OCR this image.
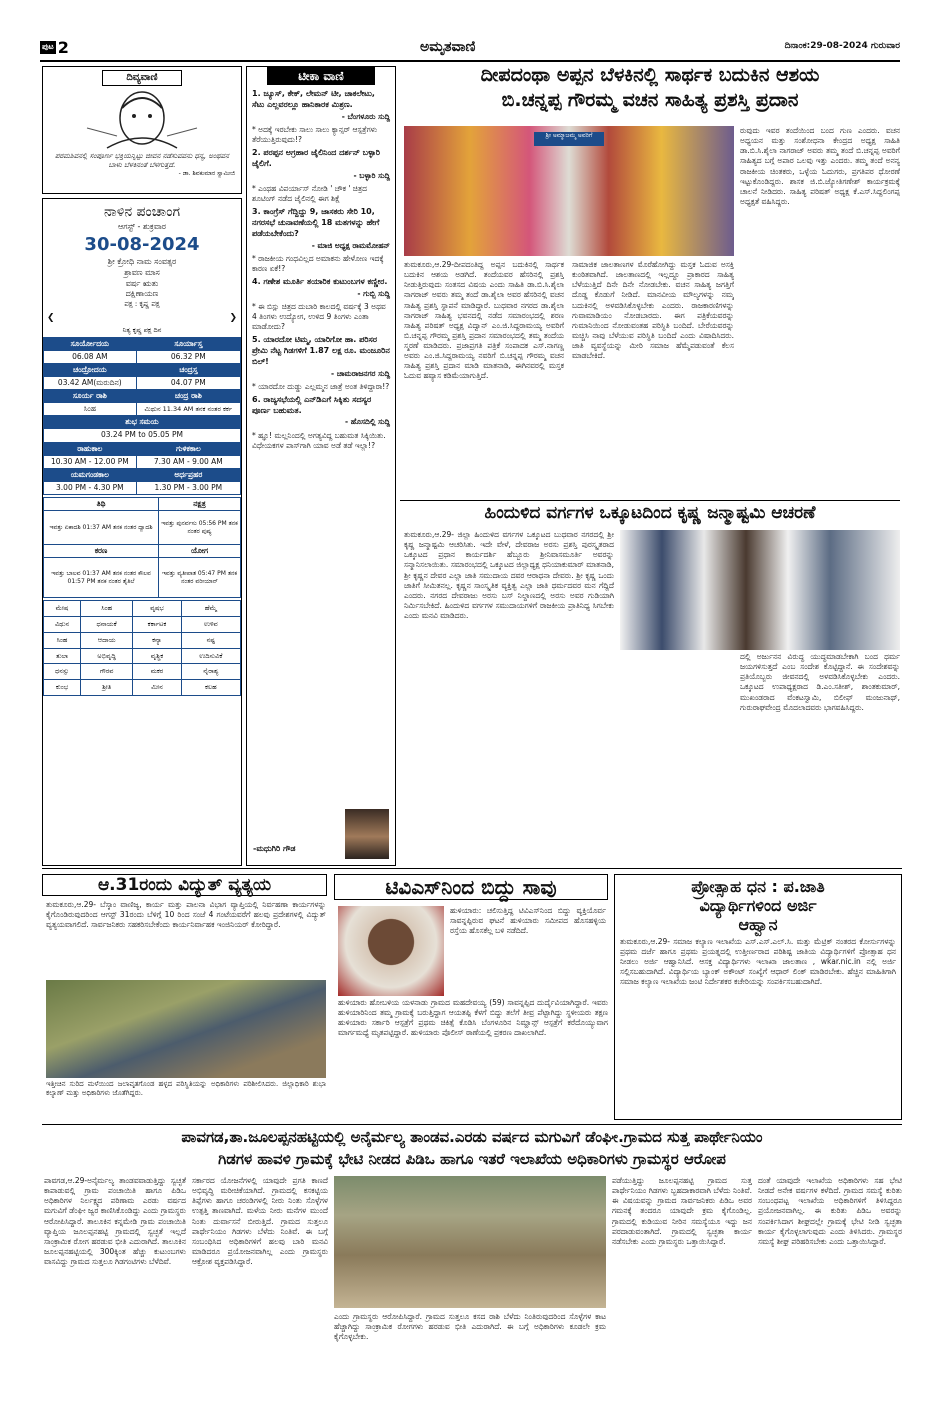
ಪುಟ 2	ಅಮೃತವಾಣಿ	ದಿನಾಂಕ:29-08-2024 ಗುರುವಾರ
ದಿವ್ಯವಾಣಿ
ಪರಮಶಿವನಲ್ಲಿ ಸಂಪೂರ್ಣ ಭಕ್ತಿಯನ್ನಿಟ್ಟು ಜೀವನ ನಡೆಸುವವನು ಧನ್ಯ, ಅಂಥವನ ಬಾಳು ಬೆಳಕಿನಂತೆ ಬೆಳಗುತ್ತದೆ.
- ಡಾ. ಶಿವಕುಮಾರ ಸ್ವಾಮೀಜಿ
ನಾಳಿನ ಪಂಚಾಂಗ
ಆಗಸ್ಟ್ - ಶುಕ್ರವಾರ
30-08-2024
ಶ್ರೀ ಕ್ರೋಧಿ ನಾಮ ಸಂವತ್ಸರ
ಶ್ರಾವಣ ಮಾಸ
ವರ್ಷ ಋತು
ದಕ್ಷಿಣಾಯಣ
ಪಕ್ಷ : ಕೃಷ್ಣ ಪಕ್ಷ
❮	❯
ನಿತ್ಯ ಕೃಷ್ಣ ಪಕ್ಷ ದಿನ
ಸೂರ್ಯೋದಯ	ಸೂರ್ಯಾಸ್ತ
06.08 AM	06.32 PM
ಚಂದ್ರೋದಯ	ಚಂದ್ರಸ್ತ
03.42 AM(ಮರುದಿನ)	04.07 PM
ಸೂರ್ಯ ರಾಶಿ	ಚಂದ್ರ ರಾಶಿ
ಸಿಂಹ	ಮಿಥುನ 11.34 AM ತನಕ ನಂತರ ಕರ್ಕ
ಶುಭ ಸಮಯ	
03.24 PM to 05.05 PM	
ರಾಹುಕಾಲ	ಗುಳಿಕಕಾಲ
10.30 AM - 12.00 PM	7.30 AM - 9.00 AM
ಯಮಗಂಡಕಾಲ	ಅರ್ಧಪ್ರಹರ
3.00 PM - 4.30 PM	1.30 PM - 3.00 PM
ತಿಥಿ	ನಕ್ಷತ್ರ
ಇವತ್ತು ಏಕಾದಶಿ 01:37 AM ತನಕ ನಂತರ ದ್ವಾದಶಿ	ಇವತ್ತು ಪುನರ್ವಸು 05:56 PM ತನಕ ನಂತರ ಪುಷ್ಯ
ಕರಣ	ಯೋಗ
ಇವತ್ತು ಬಾಲವ 01:37 AM ತನಕ ನಂತರ ಕೌಲವ 01:57 PM ತನಕ ನಂತರ ತೈತಿಲೆ	ಇವತ್ತು ವ್ಯತೀಪಾತ 05:47 PM ತನಕ ನಂತರ ವರೀಯಾನ್
ಮೇಷ	ಸಿಂಹ	ವೃಷಭ	ಹೆಮ್ಮೆ
ವಿಥುನ	ಧನಾಯಕೆ	ಕರ್ಕಾಟಕ	ಉಳಿವ
ಸಿಂಹ	ಆದಾಯ	ಕನ್ಯಾ	ನಷ್ಟ
ತುಲಾ	ಅಭಿವೃದ್ಧಿ	ವೃಶ್ಚಿಕ	ಉದಿಸುವಿಕೆ
ಧನಸ್ಸು	ಗೌರವ	ಮಕರ	ನೈರಾಶ್ಯ
ಕುಂಭ	ಶ್ರೀತಿ	ಮೀನ	ಕಲಹ
ಟೀಕಾ ವಾಣಿ
1. ಜ್ಯೂಸ್, ಕೇಕ್, ಲೇಮನ್ ಟೀ, ಚಾಕಲೇಟು, ಸೆಟು ಎಲ್ಲವರಲ್ಲೂ ಹಾನಿಕಾರಕ ಮಿಶ್ರಣ.
- ಬೆಂಗಳೂರು ಸುದ್ದಿ
* ಅದಕ್ಕೆ ಇರಬೇಕು ಸಾಲು ಸಾಲು ಕ್ಯಾನ್ಸರ್ ಆಸ್ಪತ್ರೆಗಳು ತೆರೆಯುತ್ತಿರುವುದು!?
2. ಪರಪ್ಪನ ಅಗ್ರಹಾರ ಜೈಲಿನಿಂದ ದರ್ಶನ್ ಬಳ್ಳಾರಿ ಜೈಲಿಗೆ.
- ಬಳ್ಳಾರಿ ಸುದ್ದಿ
* ಎಂಥಹ ವಿಪರ್ಯಾಸ್ ನೋಡಿ ' ಚೌಕ ' ಚಿತ್ರದ ಶೂಟಿಂಗ್ ನಡೆದ ಜೈಲಿನಲ್ಲಿ ಈಗ ಶಿಕ್ಷೆ
3. ಕಾಂಗ್ರೆಸ್ ಗೆದ್ದಿದ್ದು 9, ಜಾಸಕರು ಸೇರಿ 10, ನಗರಸಭೆ ಚುನಾವಣೆಯಲ್ಲಿ 18 ಮತಗಳನ್ನು ಹೇಗೆ ಪಡೆಯಬೇಕೆಂದು?
- ಮಾಜಿ ಅಧ್ಯಕ್ಷ ರಾಮಮೋಹನ್
* ರಾಜಕೀಯ ಗಂಧವಿಲ್ಲದ ಅಮಾಕನು ಹೇಳೋಣ ಇದಕ್ಕೆ ಕಾರಣ ಏಕೆ!?
4. ಗಣೇಶ ಮೂರ್ತಿ ತಯಾರಿಕ ಕುಟುಂಬಗಳ ಕಣ್ಣೀರ.
- ಗುಬ್ಬಿ ಸುದ್ದಿ
* ಈ ಬಿಸ್ಲು ಚಿತ್ರದ ದುಬಾರಿ ಕಾಲದಲ್ಲಿ ವರ್ಷಕ್ಕೆ 3 ಅಥವ 4 ತಿಂಗಳು ಉದ್ಯೋಗ, ಉಳಿದ 9 ತಿಂಗಳು ಎಂತಾ ಮಾಡೋದು?
5. ಯಾರದೋ ಟಿಮ್ಮ, ಯಾರಿಗೋ ಹಾ. ಪರಿಸರ ಪ್ರೇಮಿ ನೆಟ್ಟ ಗಿಡಗಳಿಗೆ 1.87 ಲಕ್ಷ ರೂ. ಮಂಜೂರಿನ ಬಿಲ್!
- ಚಾಮರಾಜನಗರ ಸುದ್ದಿ
* ಯಾರದೋ ದುಡ್ಡು ಎಲ್ಲಮ್ಮನ ಜಾತ್ರೆ ಅಂತ ತಿಳಿದ್ದಾರಾ!?
6. ರಾಜ್ಯಸಭೆಯಲ್ಲಿ ಎನ್‌ಡಿಎಗೆ ಸಿಕ್ಕಿತು ಸದಸ್ಯರ ಪೂರ್ಣ ಬಹುಮತ.
- ಹೊಸದಿಲ್ಲಿ ಸುದ್ದಿ
* ಹ್ಞೂ! ಮಲ್ಲನಿಂದಲ್ಲಿ ಅಗತ್ಯವಿದ್ದ ಬಹುಮತ ಸಿಕ್ಕಿಯಿತು. ವಿಧೇಯಕಗಳ ಪಾಸ್‌ಗಾಗಿ ಯಾವ ಅಡೆ ತಡೆ ಇಲ್ಲಾ!?
-ಮಧುಗಿರಿ ಗೌಡ
ದೀಪದಂಥಾ ಅಪ್ಪನ ಬೆಳಕಿನಲ್ಲಿ ಸಾರ್ಥಕ ಬದುಕಿನ ಆಶಯ
ಬಿ.ಚನ್ನಪ್ಪ ಗೌರಮ್ಮ ವಚನ ಸಾಹಿತ್ಯ ಪ್ರಶಸ್ತಿ ಪ್ರದಾನ
ಶ್ರೀ ಅಮ್ಮಾಜಮ್ಮ ಅವರಿಗೆ
ತುಮಕೂರು,ಆ.29-ದೀಪದಂತಿದ್ದ ಅಪ್ಪನ ಬದುಕಿನಲ್ಲಿ ಸಾರ್ಥಕ ಬದುಕಿನ ಆಶಯ ಅಡಗಿದೆ. ತಂದೆಯವರ ಹೆಸರಿನಲ್ಲಿ ಪ್ರಶಸ್ತಿ ನೀಡುತ್ತಿರುವುದು ಸಂತಸದ ವಿಷಯ ಎಂದು ಸಾಹಿತಿ ಡಾ.ಬಿ.ಸಿ.ಶೈಲಾ ನಾಗರಾಜ್ ಅವರು ತಮ್ಮ ತಂದೆ ಡಾ.ಶೈಲಾ ಅವರ ಹೆಸರಿನಲ್ಲಿ ವಚನ ಸಾಹಿತ್ಯ ಪ್ರಶಸ್ತಿ ಸ್ಥಾಪನೆ ಮಾಡಿದ್ದಾರೆ. ಬುಧವಾರ ನಗರದ ಡಾ.ಶೈಲಾ ನಾಗರಾಜ್ ಸಾಹಿತ್ಯ ಭವನದಲ್ಲಿ ನಡೆದ ಸಮಾರಂಭದಲ್ಲಿ ಶರಣ ಸಾಹಿತ್ಯ ಪರಿಷತ್ ಅಧ್ಯಕ್ಷ ವಿದ್ವಾನ್ ಎಂ.ಜಿ.ಸಿದ್ದರಾಮಯ್ಯ ಅವರಿಗೆ ಬಿ.ಚನ್ನಪ್ಪ ಗೌರಮ್ಮ ಪ್ರಶಸ್ತಿ ಪ್ರದಾನ ಸಮಾರಂಭದಲ್ಲಿ ತಮ್ಮ ತಂದೆಯ ಸ್ಮರಣೆ ಮಾಡಿದರು. ಪ್ರಜಾಪ್ರಗತಿ ಪತ್ರಿಕೆ ಸಂಪಾದಕ ಎಸ್.ನಾಗಣ್ಣ ಅವರು ಎಂ.ಜಿ.ಸಿದ್ದರಾಮಯ್ಯ ನವರಿಗೆ ಬಿ.ಚನ್ನಪ್ಪ ಗೌರಮ್ಮ ವಚನ ಸಾಹಿತ್ಯ ಪ್ರಶಸ್ತಿ ಪ್ರದಾನ ಮಾಡಿ ಮಾತನಾಡಿ, ಈಗಿನವರಲ್ಲಿ ಮಸ್ತಕ ಓದುವ ಹವ್ಯಾಸ ಕಡಿಮೆಯಾಗುತ್ತಿದೆ.
ಸಾಮಾಜಿಕ ಜಾಲತಾಣಗಳ ಮೊರೆಹೋಗಿದ್ದು ಮಸ್ತಕ ಓದುವ ಅಸಕ್ತಿ ಕುಂಠಿತವಾಗಿದೆ. ಜಾಲತಾಣದಲ್ಲಿ ಇಲ್ಲದ್ದೂ ಪ್ರಾಕಾರದ ಸಾಹಿತ್ಯ ಬೆಳೆಯುತ್ತಿದೆ ದಿನೇ ದಿನೇ ನೋಡಬೇಕು. ವಚನ ಸಾಹಿತ್ಯ ಜಗತ್ತಿಗೆ ದೊಡ್ಡ ಕೊಡುಗೆ ನೀಡಿದೆ. ಮಾನವೀಯ ಮೌಲ್ಯಗಳನ್ನು ನಮ್ಮ ಬದುಕಿನಲ್ಲಿ ಅಳವಡಿಸಿಕೊಳ್ಳಬೇಕು ಎಂದರು. ರಾಜಕಾರಣಿಗಳನ್ನು ಗುವಾಮಾಡಿಯಂ ನೋಡಬಾರದು. ಈಗ ಪತ್ರಿಕೆಯವರನ್ನು ಗುಮಾನಿಯಿಂದ ನೋಡುವಂತಹ ಪರಿಸ್ಥಿತಿ ಬಂದಿದೆ. ಬೇರೆಯವರನ್ನು ಮಚ್ಚಿಸಿ ನಾವು ಬೆಳೆಯುವ ಪರಿಸ್ಥಿತಿ ಬಂದಿದೆ ಎಂದು ವಿಷಾದಿಸಿದರು. ಜಾತಿ ವ್ಯವಸ್ಥೆಯನ್ನು ಮೀರಿ ಸಮಾಜ ಹೆಮ್ಮೆಪಡುವಂತೆ ಕೆಲಸ ಮಾಡಬೇಕಿದೆ.
ರುವುದು ಇವರ ತಂದೆಯಿಂದ ಬಂದ ಗುಣ ಎಂದರು. ವಚನ ಅಧ್ಯಯನ ಮತ್ತು ಸಂಶೋಧನಾ ಕೇಂದ್ರದ ಅಧ್ಯಕ್ಷ ಸಾಹಿತಿ ಡಾ.ಬಿ.ಸಿ.ಶೈಲಾ ನಾಗರಾಜ್ ಅವರು ತಮ್ಮ ತಂದೆ ಬಿ.ಚನ್ನಪ್ಪ ಅವರಿಗೆ ಸಾಹಿತ್ಯದ ಬಗ್ಗೆ ಅಪಾರ ಒಲವು ಇತ್ತು ಎಂದರು. ತಮ್ಮ ತಂದೆ ಅನನ್ಯ ರಾಜಕೀಯ ಚಿಂತಕರು, ಒಳ್ಳೆಯ ಓದುಗರು, ಪ್ರಗತಿಪರ ಧೋರಣೆ ಇಟ್ಟುಕೊಂಡಿದ್ದರು. ಶಾಸಕ ಜಿ.ಬಿ.ಜ್ಯೋತಿಗಣೇಶ್ ಕಾರ್ಯಕ್ರಮಕ್ಕೆ ಚಾಲನೆ ನೀಡಿದರು. ಸಾಹಿತ್ಯ ಪರಿಷತ್ ಅಧ್ಯಕ್ಷ ಕೆ.ಎಸ್.ಸಿದ್ದಲಿಂಗಪ್ಪ ಅಧ್ಯಕ್ಷತೆ ವಹಿಸಿದ್ದರು.
ಹಿಂದುಳಿದ ವರ್ಗಗಳ ಒಕ್ಕೂಟದಿಂದ ಕೃಷ್ಣ ಜನ್ಮಾಷ್ಟಮಿ ಆಚರಣೆ
ತುಮಕೂರು,ಆ.29- ಜಿಲ್ಲಾ ಹಿಂದುಳಿದ ವರ್ಗಗಳ ಒಕ್ಕೂಟದ ಬುಧವಾರ ನಗರದಲ್ಲಿ ಶ್ರೀ ಕೃಷ್ಣ ಜನ್ಮಾಷ್ಟಮಿ ಆಚರಿಸಿತು. ಇದೇ ವೇಳೆ, ದೇವರಾಜ ಅರಸು ಪ್ರಶಸ್ತಿ ಪುರಸ್ಕೃತರಾದ ಒಕ್ಕೂಟದ ಪ್ರಧಾನ ಕಾರ್ಯದರ್ಶಿ ಹೆಬ್ಬೂರು ಶ್ರೀನಿವಾಸಮೂರ್ತಿ ಅವರನ್ನು ಸನ್ಮಾನಿಸಲಾಯಿತು. ಸಮಾರಂಭದಲ್ಲಿ ಒಕ್ಕೂಟದ ಜಿಲ್ಲಾಧ್ಯಕ್ಷ ಧನಿಯಾಕುಮಾರ್ ಮಾತನಾಡಿ, ಶ್ರೀ ಕೃಷ್ಣನ ದೇವರ ಎಲ್ಲಾ ಜಾತಿ ಸಮುದಾಯ ದವರ ಆರಾಧನಾ ದೇವರು. ಶ್ರೀ ಕೃಷ್ಣ ಒಂದು ಜಾತಿಗೆ ಸೀಮಿತನಲ್ಲ. ಕೃಷ್ಣನ ಸಾಂಸ್ಕೃತಿಕ ವ್ಯಕ್ತಿತ್ವ ಎಲ್ಲಾ ಜಾತಿ ಧರ್ಮದವರ ಮನ ಗೆದ್ದಿದೆ ಎಂದರು. ನಗರದ ದೇವರಾಜು ಅರಸು ಬಸ್ ನಿಲ್ದಾಣದಲ್ಲಿ ಅರಸು ಅವರ ಗುಡಿಯಾಗಿ ನಿರ್ಮಿಸಬೇಕಿದೆ. ಹಿಂದುಳಿದ ವರ್ಗಗಳ ಸಮುದಾಯಗಳಿಗೆ ರಾಜಕೀಯ ಪ್ರಾತಿನಿಧ್ಯ ಸಿಗಬೇಕು ಎಂದು ಮನವಿ ಮಾಡಿದರು.
ದಲ್ಲಿ ಅರ್ಜುನನ ವಿರುದ್ಧ ಯುದ್ಧಮಾಡಬೇಕಾಗಿ ಬಂದ ಧರ್ಮ ಜಯಗಳಿಸುತ್ತದೆ ಎಂಬ ಸಂದೇಶ ಕೊಟ್ಟಿದ್ದಾನೆ. ಈ ಸಂದೇಶವನ್ನು ಪ್ರತಿಯೊಬ್ಬರು ಜೀವನದಲ್ಲಿ ಅಳವಡಿಸಿಕೊಳ್ಳಬೇಕು ಎಂದರು. ಒಕ್ಕೂಟದ ಉಪಾಧ್ಯಕ್ಷರಾದ ಡಿ.ಎಂ.ಸತೀಶ್, ಶಾಂತಕುಮಾರ್, ಮುಖಂಡರಾದ ವೆಂಕಟಸ್ವಾಮಿ, ಬಿಲೀಫ್ ಮಂಜುನಾಥ್, ಗುರುರಾಘವೇಂದ್ರ ಮೊದಲಾದವರು ಭಾಗವಹಿಸಿದ್ದರು.
ಆ.31ರಂದು ವಿದ್ಯುತ್ ವ್ಯತ್ಯಯ
ತುಮಕೂರು,ಆ.29- ಬೆಸ್ಕಾಂ ವಾಣಿಜ್ಯ, ಕಾರ್ಯ ಮತ್ತು ಪಾಲನಾ ವಿಭಾಗ ವ್ಯಾಪ್ತಿಯಲ್ಲಿ ನಿರ್ವಹಣಾ ಕಾರ್ಯಗಳನ್ನು ಕೈಗೊಂಡಿರುವುದರಿಂದ ಆಗಸ್ಟ್ 31ರಂದು ಬೆಳಿಗ್ಗೆ 10 ರಿಂದ ಸಂಜೆ 4 ಗಂಟೆಯವರೆಗೆ ಹಲವು ಪ್ರದೇಶಗಳಲ್ಲಿ ವಿದ್ಯುತ್ ವ್ಯತ್ಯಯವಾಗಲಿದೆ. ಸಾರ್ವಜನಿಕರು ಸಹಕರಿಸಬೇಕೆಂದು ಕಾರ್ಯನಿರ್ವಾಹಕ ಇಂಜಿನಿಯರ್ ಕೋರಿದ್ದಾರೆ.
ಇತ್ತೀಚಿನ ಸುರಿದ ಮಳೆಯಿಂದ ಜಲಾವೃತಗೊಂಡ ಹಳ್ಳದ ಪರಿಸ್ಥಿತಿಯನ್ನು ಅಧಿಕಾರಿಗಳು ಪರಿಶೀಲಿಸಿದರು. ಜಿಲ್ಲಾಧಿಕಾರಿ ಶುಭಾ ಕಲ್ಯಾಣ್ ಮತ್ತು ಅಧಿಕಾರಿಗಳು ಜೊತೆಗಿದ್ದರು.
ಟಿವಿಎಸ್‌ನಿಂದ ಬಿದ್ದು ಸಾವು
ಹುಳಿಯಾರು: ಚಲಿಸುತ್ತಿದ್ದ ಟಿವಿಎಸ್‌ನಿಂದ ಬಿದ್ದು ವ್ಯಕ್ತಿಯೊರ್ವ ಸಾವನ್ನಪ್ಪಿರುವ ಘಟನೆ ಹುಳಿಯಾರು ಸಮೀಪದ ಹೊಸಹಳ್ಳಿಯ ರಸ್ತೆಯ ಹೊಸಕೆಲ್ಲ ಬಳಿ ನಡೆದಿದೆ.
ಹುಳಿಯಾರು ಹೋಬಳಿಯ ಯಳನಾಡು ಗ್ರಾಮದ ಮಹದೇವಯ್ಯ (59) ಸಾವನ್ನಪ್ಪಿದ ದುರ್ದೈವಿಯಾಗಿದ್ದಾರೆ. ಇವರು ಹುಳಿಯಾರಿನಿಂದ ತಮ್ಮ ಗ್ರಾಮಕ್ಕೆ ಬರುತ್ತಿದ್ದಾಗ ಆಯತಪ್ಪಿ ಕೆಳಗೆ ಬಿದ್ದು ತಲೆಗೆ ತೀವ್ರ ಪೆಟ್ಟಾಗಿದ್ದು ಸ್ಥಳೀಯರು ತಕ್ಷಣ ಹುಳಿಯಾರು ಸರ್ಕಾರಿ ಆಸ್ಪತ್ರೆಗೆ ಪ್ರಥಮ ಚಿಕಿತ್ಸೆ ಕೊಡಿಸಿ ಬೆಂಗಳೂರಿನ ನಿಮ್ಹಾನ್ಸ್ ಆಸ್ಪತ್ರೆಗೆ ಕರೆದೊಯ್ಯುವಾಗ ಮಾರ್ಗಮಧ್ಯೆ ಮೃತಪಟ್ಟಿದ್ದಾರೆ. ಹುಳಿಯಾರು ಪೊಲೀಸ್ ಠಾಣೆಯಲ್ಲಿ ಪ್ರಕರಣ ದಾಖಲಾಗಿದೆ.
ಪ್ರೋತ್ಸಾಹ ಧನ : ಪ.ಜಾತಿ
ವಿದ್ಯಾರ್ಥಿಗಳಿಂದ ಅರ್ಜಿ
ಆಹ್ವಾನ
ತುಮಕೂರು,ಆ.29- ಸಮಾಜ ಕಲ್ಯಾಣ ಇಲಾಖೆಯ ಎಸ್.ಎಸ್.ಎಲ್.ಸಿ. ಮತ್ತು ಮೆಟ್ರಿಕ್ ನಂತರದ ಕೋರ್ಸುಗಳನ್ನು ಪ್ರಥಮ ದರ್ಜೆ ಹಾಗೂ ಪ್ರಥಮ ಪ್ರಯತ್ನದಲ್ಲಿ ಉತ್ತೀರ್ಣರಾದ ಪರಿಶಿಷ್ಟ ಜಾತಿಯ ವಿದ್ಯಾರ್ಥಿಗಳಿಗೆ ಪ್ರೋತ್ಸಾಹ ಧನ ನೀಡಲು ಅರ್ಜಿ ಆಹ್ವಾನಿಸಿದೆ. ಆಸಕ್ತ ವಿದ್ಯಾರ್ಥಿಗಳು ಇಲಾಖಾ ಜಾಲತಾಣ , wkar.nic.in ನಲ್ಲಿ ಅರ್ಜಿ ಸಲ್ಲಿಸಬಹುದಾಗಿದೆ. ವಿದ್ಯಾರ್ಥಿಯ ಬ್ಯಾಂಕ್ ಅಕೌಂಟ್ ಸಂಖ್ಯೆಗೆ ಆಧಾರ್ ಲಿಂಕ್ ಮಾಡಿರಬೇಕು. ಹೆಚ್ಚಿನ ಮಾಹಿತಿಗಾಗಿ ಸಮಾಜ ಕಲ್ಯಾಣ ಇಲಾಖೆಯ ಜಂಟಿ ನಿರ್ದೇಶಕರ ಕಚೇರಿಯನ್ನು ಸಂಪರ್ಕಿಸಬಹುದಾಗಿದೆ.
ಪಾವಗಡ,ತಾ.ಜೂಲಪ್ಪನಹಟ್ಟಿಯಲ್ಲಿ ಅನೈರ್ಮಲ್ಯ ತಾಂಡವ.ಎರಡು ವರ್ಷದ ಮಗುವಿಗೆ ಡೆಂಘೀ.ಗ್ರಾಮದ ಸುತ್ತ ಪಾರ್ಥೇನಿಯಂ
ಗಿಡಗಳ ಹಾವಳಿ ಗ್ರಾಮಕ್ಕೆ ಭೇಟಿ ನೀಡದ ಪಿಡಿಒ ಹಾಗೂ ಇತರೆ ಇಲಾಖೆಯ ಅಧಿಕಾರಿಗಳು ಗ್ರಾಮಸ್ಥರ ಆರೋಪ
ಪಾವಗಡ,ಆ.29-ಅನೈರ್ಮಲ್ಯ ತಾಂಡವವಾಡುತ್ತಿದ್ದು ಸ್ವಚ್ಛತೆ ಕಾಪಾಡುವಲ್ಲಿ ಗ್ರಾಮ ಪಂಚಾಯಿತಿ ಹಾಗೂ ಪಿಡಿಒ ಅಧಿಕಾರಿಗಳ ನಿರ್ಲಕ್ಷ್ಯದ ಪರಿಣಾಮ ಎರಡು ವರ್ಷದ ಮಗುವಿಗೆ ಡೆಂಘೀ ಜ್ವರ ಕಾಣಿಸಿಕೊಂಡಿದ್ದು ಎಂದು ಗ್ರಾಮಸ್ಥರು ಆರೋಪಿಸಿದ್ದಾರೆ. ತಾಲೂಕಿನ ಕನ್ನಮೇಡಿ ಗ್ರಾಮ ಪಂಚಾಯಿತಿ ವ್ಯಾಪ್ತಿಯ ಜೂಲಪ್ಪನಹಟ್ಟಿ ಗ್ರಾಮದಲ್ಲಿ ಸ್ವಚ್ಛತೆ ಇಲ್ಲದೆ ಸಾಂಕ್ರಾಮಿಕ ರೋಗ ಹರಡುವ ಭೀತಿ ಎದುರಾಗಿದೆ. ತಾಲೂಕಿನ ಜೂಲಪ್ಪನಹಟ್ಟಿಯಲ್ಲಿ 300ಕ್ಕಿಂತ ಹೆಚ್ಚು ಕುಟುಂಬಗಳು ವಾಸವಿದ್ದು ಗ್ರಾಮದ ಸುತ್ತಲೂ ಗಿಡಗಂಟಿಗಳು ಬೆಳೆದಿವೆ.
ಸರ್ಕಾರದ ಯೋಜನೆಗಳಲ್ಲಿ ಯಾವುದೇ ಪ್ರಗತಿ ಕಾಣದೆ ಅಭಿವೃದ್ಧಿ ಮರೀಚಿಕೆಯಾಗಿದೆ. ಗ್ರಾಮದಲ್ಲಿ ಕಸಕಟ್ಟಿಯ ತಿಪ್ಪೆಗಳು ಹಾಗೂ ಚರಂಡಿಗಳಲ್ಲಿ ನೀರು ನಿಂತು ಸೊಳ್ಳೆಗಳ ಉತ್ಪತ್ತಿ ತಾಣವಾಗಿದೆ. ಮಳೆಯ ನೀರು ಮನೆಗಳ ಮುಂದೆ ನಿಂತು ದುರ್ವಾಸನೆ ಬೀರುತ್ತಿದೆ. ಗ್ರಾಮದ ಸುತ್ತಲೂ ಪಾರ್ಥೇನಿಯಂ ಗಿಡಗಳು ಬೆಳೆದು ನಿಂತಿವೆ. ಈ ಬಗ್ಗೆ ಸಂಬಂಧಿಸಿದ ಅಧಿಕಾರಿಗಳಿಗೆ ಹಲವು ಬಾರಿ ಮನವಿ ಮಾಡಿದರೂ ಪ್ರಯೋಜನವಾಗಿಲ್ಲ ಎಂದು ಗ್ರಾಮಸ್ಥರು ಆಕ್ರೋಶ ವ್ಯಕ್ತಪಡಿಸಿದ್ದಾರೆ.
ಎಂದು ಗ್ರಾಮಸ್ಥರು ಆರೋಪಿಸಿದ್ದಾರೆ. ಗ್ರಾಮದ ಸುತ್ತಲೂ ಕಸದ ರಾಶಿ ಬೆಳೆದು ನಿಂತಿರುವುದರಿಂದ ಸೊಳ್ಳೆಗಳ ಕಾಟ ಹೆಚ್ಚಾಗಿದ್ದು ಸಾಂಕ್ರಾಮಿಕ ರೋಗಗಳು ಹರಡುವ ಭೀತಿ ಎದುರಾಗಿದೆ. ಈ ಬಗ್ಗೆ ಅಧಿಕಾರಿಗಳು ಕೂಡಲೇ ಕ್ರಮ ಕೈಗೊಳ್ಳಬೇಕು.
ಪಡೆಯುತ್ತಿದ್ದು ಜೂಲಪ್ಪನಹಟ್ಟಿ ಗ್ರಾಮದ ಸುತ್ತ ಪಾರ್ಥೇನಿಯಂ ಗಿಡಗಳು ಬ್ಬಹದಾಕಾರವಾಗಿ ಬೆಳೆದು ನಿಂತಿವೆ. ಈ ವಿಷಯವನ್ನು ಗ್ರಾಮದ ಸಾರ್ವಜನಿಕರು ಪಿಡಿಒ ಅವರ ಗಮನಕ್ಕೆ ತಂದರೂ ಯಾವುದೇ ಕ್ರಮ ಕೈಗೊಂಡಿಲ್ಲ. ಗ್ರಾಮದಲ್ಲಿ ಕುಡಿಯುವ ನೀರಿನ ಸಮಸ್ಯೆಯೂ ಇದ್ದು ಜನ ಪರದಾಡುವಂತಾಗಿದೆ. ಗ್ರಾಮದಲ್ಲಿ ಸ್ವಚ್ಛತಾ ಕಾರ್ಯ ನಡೆಸಬೇಕು ಎಂದು ಗ್ರಾಮಸ್ಥರು ಒತ್ತಾಯಿಸಿದ್ದಾರೆ.
ದಂತೆ ಯಾವುದೇ ಇಲಾಖೆಯ ಅಧಿಕಾರಿಗಳು ಸಹ ಭೇಟಿ ನೀಡದೆ ಅನೇಕ ವರ್ಷಗಳ ಕಳೆದಿದೆ. ಗ್ರಾಮದ ಸಮಸ್ಯೆ ಕುರಿತು ಸಂಬಂಧಪಟ್ಟ ಇಲಾಖೆಯ ಅಧಿಕಾರಿಗಳಿಗೆ ತಿಳಿಸಿದ್ದರೂ ಪ್ರಯೋಜನವಾಗಿಲ್ಲ. ಈ ಕುರಿತು ಪಿಡಿಒ ಅವರನ್ನು ಸಂಪರ್ಕಿಸಿದಾಗ ಶೀಘ್ರದಲ್ಲೇ ಗ್ರಾಮಕ್ಕೆ ಭೇಟಿ ನೀಡಿ ಸ್ವಚ್ಛತಾ ಕಾರ್ಯ ಕೈಗೊಳ್ಳಲಾಗುವುದು ಎಂದು ತಿಳಿಸಿದರು. ಗ್ರಾಮಸ್ಥರ ಸಮಸ್ಯೆ ಶೀಘ್ರ ಪರಿಹರಿಸಬೇಕು ಎಂದು ಒತ್ತಾಯಿಸಿದ್ದಾರೆ.
